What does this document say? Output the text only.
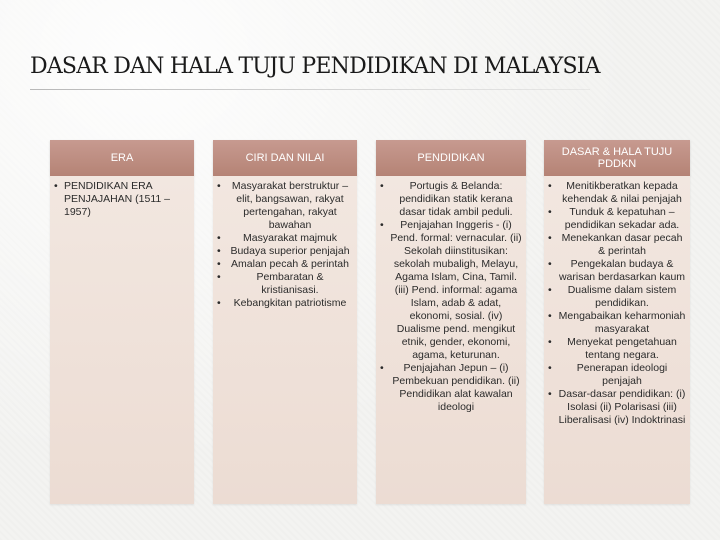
DASAR DAN HALA TUJU PENDIDIKAN DI MALAYSIA
ERA
• PENDIDIKAN ERA PENJAJAHAN (1511 – 1957)
CIRI DAN NILAI
• Masyarakat berstruktur – elit, bangsawan, rakyat pertengahan, rakyat bawahan
• Masyarakat majmuk
• Budaya superior penjajah
• Amalan pecah & perintah
• Pembaratan & kristianisasi.
• Kebangkitan patriotisme
PENDIDIKAN
• Portugis & Belanda: pendidikan statik kerana dasar tidak ambil peduli.
• Penjajahan Inggeris - (i) Pend. formal: vernacular. (ii) Sekolah diinstitusikan: sekolah mubaligh, Melayu, Agama Islam, Cina, Tamil. (iii) Pend. informal: agama Islam, adab & adat, ekonomi, sosial. (iv) Dualisme pend. mengikut etnik, gender, ekonomi, agama, keturunan.
• Penjajahan Jepun – (i) Pembekuan pendidikan. (ii) Pendidikan alat kawalan ideologi
DASAR & HALA TUJU PDDKN
• Menitikberatkan kepada kehendak & nilai penjajah
• Tunduk & kepatuhan – pendidikan sekadar ada.
• Menekankan dasar pecah & perintah
• Pengekalan budaya & warisan berdasarkan kaum
• Dualisme dalam sistem pendidikan.
• Mengabaikan keharmoniah masyarakat
• Menyekat pengetahuan tentang negara.
• Penerapan ideologi penjajah
• Dasar-dasar pendidikan: (i) Isolasi (ii) Polarisasi (iii) Liberalisasi (iv) Indoktrinasi
